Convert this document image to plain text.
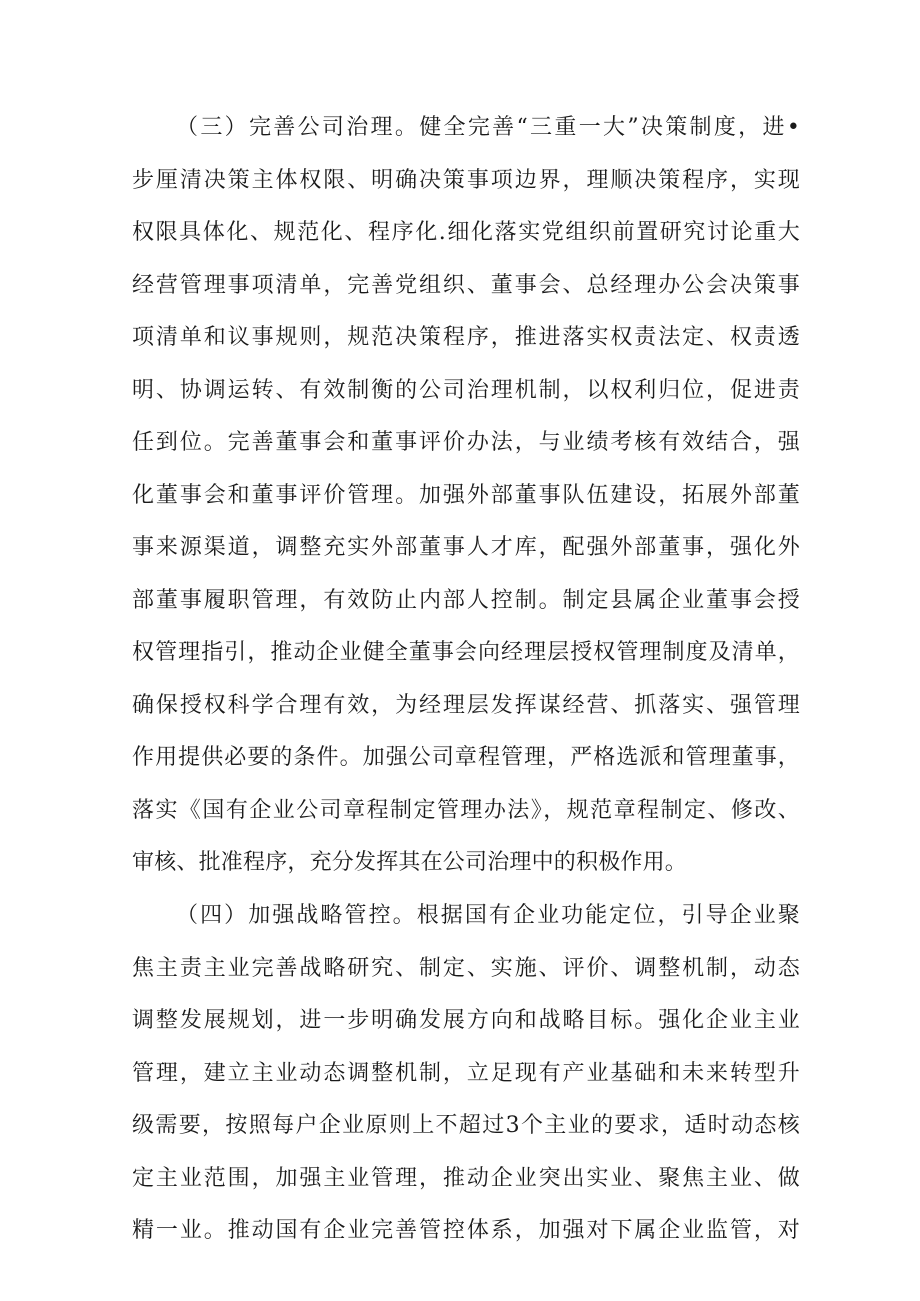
（三）完善公司治理。健全完善“三重一大”决策制度，进•
步厘清决策主体权限、明确决策事项边界，理顺决策程序，实现
权限具体化、规范化、程序化.细化落实党组织前置研究讨论重大
经营管理事项清单，完善党组织、董事会、总经理办公会决策事
项清单和议事规则，规范决策程序，推进落实权责法定、权责透
明、协调运转、有效制衡的公司治理机制，以权利归位，促进责
任到位。完善董事会和董事评价办法，与业绩考核有效结合，强
化董事会和董事评价管理。加强外部董事队伍建设，拓展外部董
事来源渠道，调整充实外部董事人才库，配强外部董事，强化外
部董事履职管理，有效防止内部人控制。制定县属企业董事会授
权管理指引，推动企业健全董事会向经理层授权管理制度及清单，
确保授权科学合理有效，为经理层发挥谋经营、抓落实、强管理
作用提供必要的条件。加强公司章程管理，严格选派和管理董事，
落实《国有企业公司章程制定管理办法》，规范章程制定、修改、
审核、批准程序，充分发挥其在公司治理中的积极作用。
（四）加强战略管控。根据国有企业功能定位，引导企业聚
焦主责主业完善战略研究、制定、实施、评价、调整机制，动态
调整发展规划，进一步明确发展方向和战略目标。强化企业主业
管理，建立主业动态调整机制，立足现有产业基础和未来转型升
级需要，按照每户企业原则上不超过3个主业的要求，适时动态核
定主业范围，加强主业管理，推动企业突出实业、聚焦主业、做
精一业。推动国有企业完善管控体系，加强对下属企业监管，对
